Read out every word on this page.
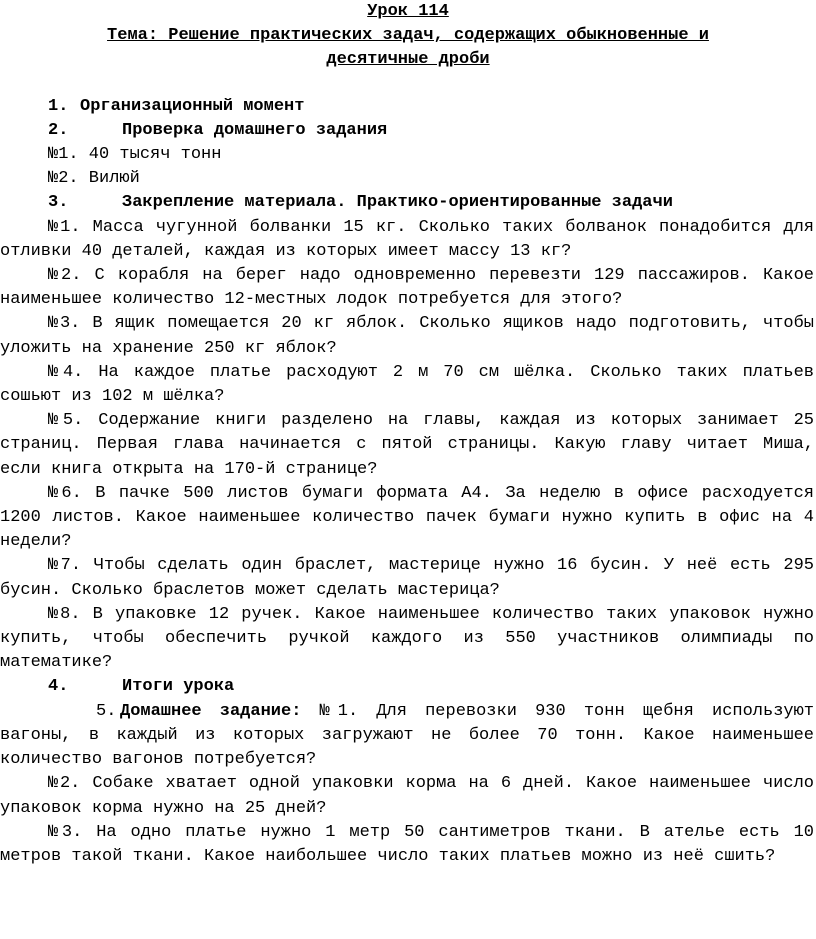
Урок 114
Тема: Решение практических задач, содержащих обыкновенные и
десятичные дроби
1. Организационный момент
2.	Проверка домашнего задания
№1. 40 тысяч тонн
№2. Вилюй
3.	Закрепление материала. Практико-ориентированные задачи

№1. Масса чугунной болванки 15 кг. Сколько таких болванок понадобится для отливки 40 деталей, каждая из которых имеет массу 13 кг?

№2. С корабля на берег надо одновременно перевезти 129 пассажиров. Какое наименьшее количество 12-местных лодок потребуется для этого?

№3. В ящик помещается 20 кг яблок. Сколько ящиков надо подготовить, чтобы уложить на хранение 250 кг яблок?

№4. На каждое платье расходуют 2 м 70 см шёлка. Сколько таких платьев сошьют из 102 м шёлка?

№5. Содержание книги разделено на главы, каждая из которых занимает 25 страниц. Первая глава начинается с пятой страницы. Какую главу читает Миша, если книга открыта на 170-й странице?

№6. В пачке 500 листов бумаги формата А4. За неделю в офисе расходуется 1200 листов. Какое наименьшее количество пачек бумаги нужно купить в офис на 4 недели?

№7. Чтобы сделать один браслет, мастерице нужно 16 бусин. У неё есть 295 бусин. Сколько браслетов может сделать мастерица?

№8. В упаковке 12 ручек. Какое наименьшее количество таких упаковок нужно купить, чтобы обеспечить ручкой каждого из 550 участников олимпиады по математике?

4.	Итоги урока

5. Домашнее задание: №1. Для перевозки 930 тонн щебня используют вагоны, в каждый из которых загружают не более 70 тонн. Какое наименьшее количество вагонов потребуется?

№2. Собаке хватает одной упаковки корма на 6 дней. Какое наименьшее число упаковок корма нужно на 25 дней?

№3. На одно платье нужно 1 метр 50 сантиметров ткани. В ателье есть 10 метров такой ткани. Какое наибольшее число таких платьев можно из неё сшить?
